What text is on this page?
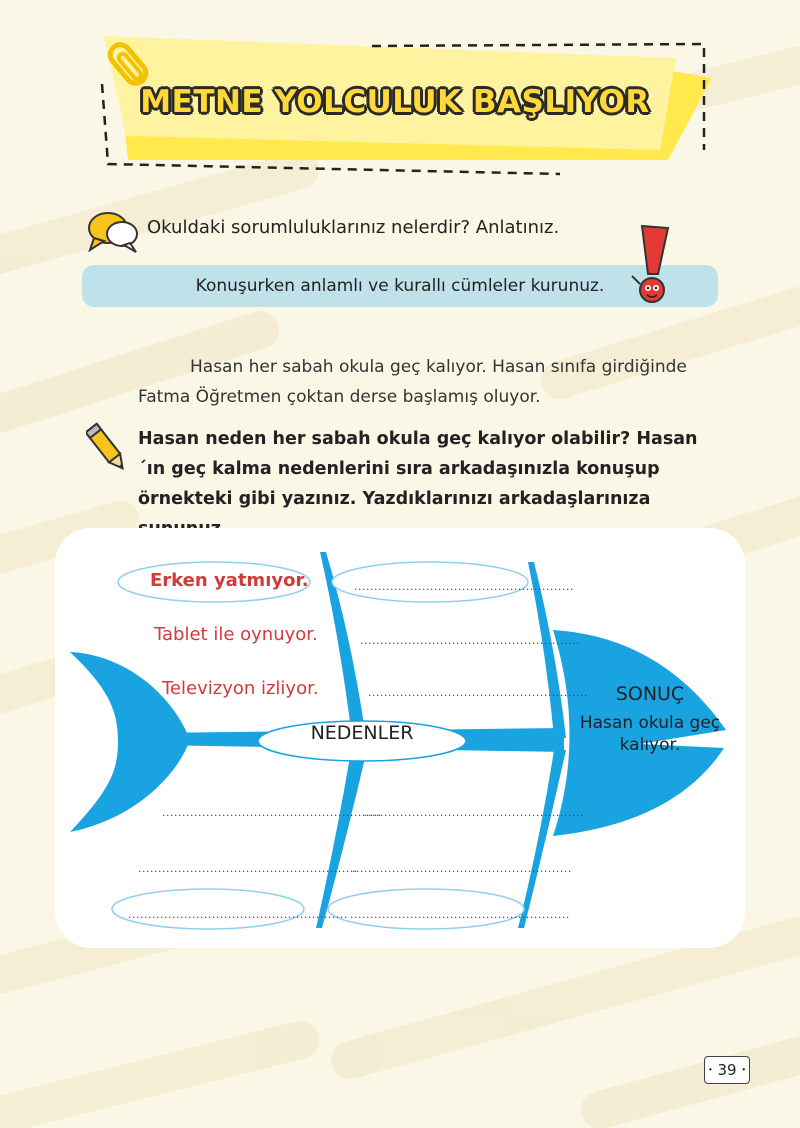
METNE YOLCULUK BAŞLIYOR
Okuldaki sorumluluklarınız nelerdir? Anlatınız.
Konuşurken anlamlı ve kurallı cümleler kurunuz.
Hasan her sabah okula geç kalıyor. Hasan sınıfa girdiğinde Fatma Öğretmen çoktan derse başlamış oluyor.
Hasan neden her sabah okula geç kalıyor olabilir? Hasan´ın geç kalma nedenlerini sıra arkadaşınızla konuşup örnekteki gibi yazınız. Yazdıklarınızı arkadaşlarınıza
Erken yatmıyor.
Tablet ile oynuyor.
Televizyon izliyor.
.......................................................
.......................................................
.......................................................
.......................................................
.......................................................
.......................................................
.......................................................
....................................................... .......................................................
NEDENLER
SONUÇ
Hasan okula geç kalıyor.
• 39 •
